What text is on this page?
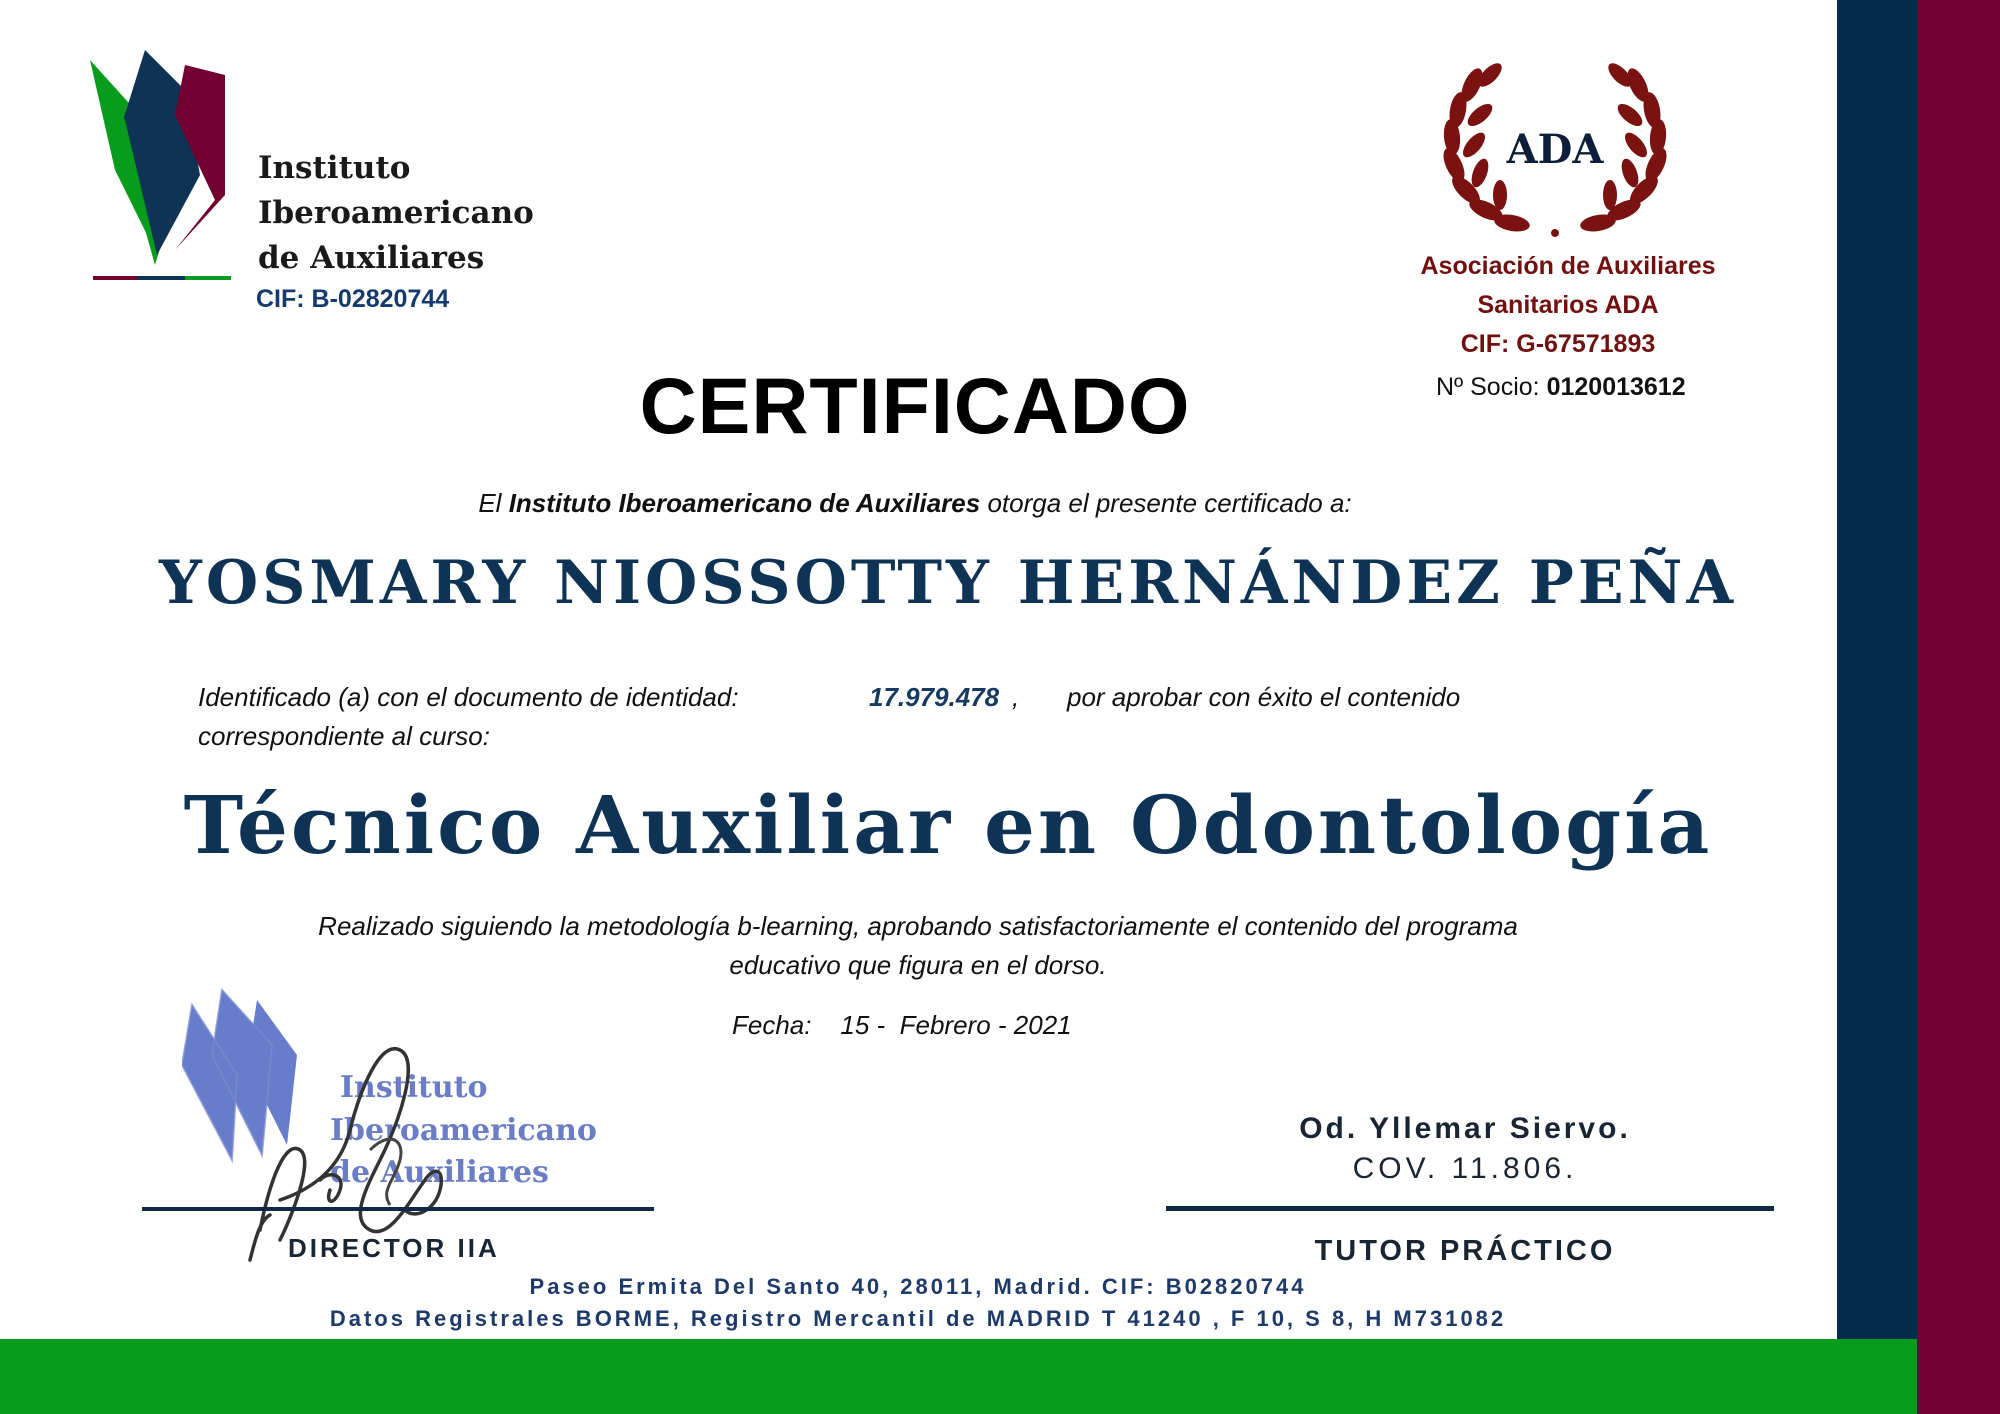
Instituto
Iberoamericano
de Auxiliares
CIF: B-02820744
ADA
Asociación de Auxiliares
Sanitarios ADA
CIF: G-67571893
Nº Socio: 0120013612
CERTIFICADO
El Instituto Iberoamericano de Auxiliares otorga el presente certificado a:
YOSMARY NIOSSOTTY HERNÁNDEZ PEÑA
Identificado (a) con el documento de identidad:	17.979.478 , por aprobar con éxito el contenido
correspondiente al curso:
Técnico Auxiliar en Odontología
Realizado siguiendo la metodología b-learning, aprobando satisfactoriamente el contenido del programa
educativo que figura en el dorso.
Fecha:    15 -  Febrero - 2021
Instituto
Iberoamericano
de Auxiliares
DIRECTOR IIA
Od. Yllemar Siervo.
COV. 11.806.
TUTOR PRÁCTICO
Paseo Ermita Del Santo 40, 28011, Madrid. CIF: B02820744
Datos Registrales BORME, Registro Mercantil de MADRID T 41240 , F 10, S 8, H M731082
